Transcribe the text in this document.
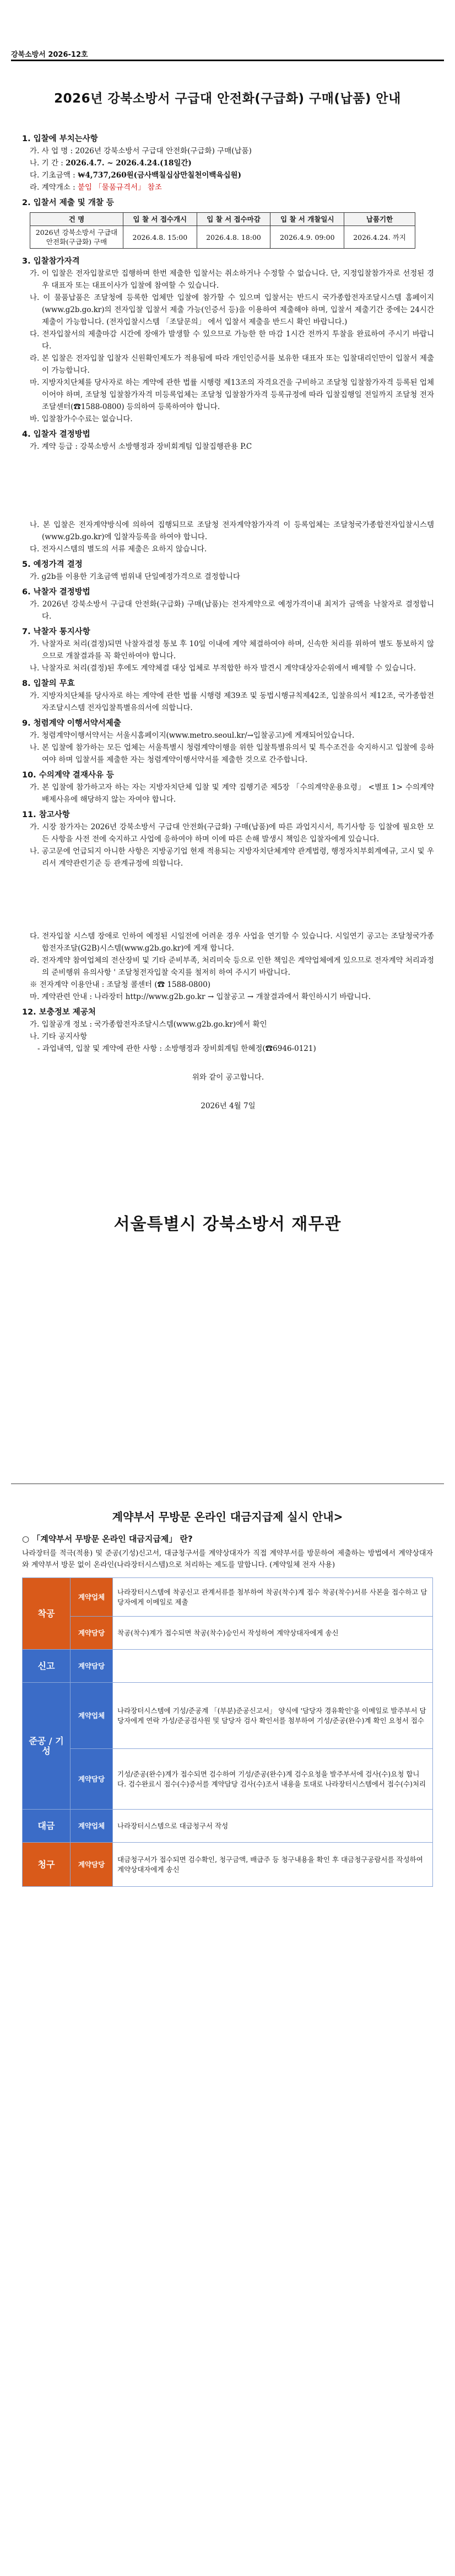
강북소방서 2026-12호
2026년 강북소방서 구급대 안전화(구급화) 구매(납품) 안내
1. 입찰에 부치는사항
가. 사 업 명 : 2026년 강북소방서 구급대 안전화(구급화) 구매(납품)
나. 기 간 : 2026.4.7. ~ 2026.4.24.(18일간)
다. 기초금액 : ₩4,737,260원(금사백칠십삼만칠천이백육십원)
라. 계약개소 : 붙임 「물품규격서」 참조
2. 입찰서 제출 및 개찰 등
건 명	입 찰 서 접수개시	입 찰 서 접수마감	입 찰 서 개찰일시	납품기한
2026년 강북소방서 구급대 안전화(구급화) 구매	2026.4.8. 15:00	2026.4.8. 18:00	2026.4.9. 09:00	2026.4.24. 까지
3. 입찰참가자격
가. 이 입찰은 전자입찰로만 집행하며 한번 제출한 입찰서는 취소하거나 수정할 수 없습니다. 단, 지정입찰참가자로 선정된 경우 대표자 또는 대표이사가 입찰에 참여할 수 있습니다.
나. 이 물품납품은 조달청에 등록한 업체만 입찰에 참가할 수 있으며 입찰서는 반드시 국가종합전자조달시스템 홈페이지(www.g2b.go.kr)의 전자입찰 입찰서 제출 가능(인증서 등)을 이용하여 제출해야 하며, 입찰서 제출기간 중에는 24시간 제출이 가능합니다. (전자입찰시스템 「조달문의」 에서 입찰서 제출을 반드시 확인 바랍니다.)
다. 전자입찰서의 제출마감 시간에 장애가 발생할 수 있으므로 가능한 한 마감 1시간 전까지 투찰을 완료하여 주시기 바랍니다.
라. 본 입찰은 전자입찰 입찰자 신원확인제도가 적용됨에 따라 개인인증서를 보유한 대표자 또는 입찰대리인만이 입찰서 제출이 가능합니다.
마. 지방자치단체를 당사자로 하는 계약에 관한 법률 시행령 제13조의 자격요건을 구비하고 조달청 입찰참가자격 등록된 업체이어야 하며, 조달청 입찰참가자격 미등록업체는 조달청 입찰참가자격 등록규정에 따라 입찰집행일 전일까지 조달청 전자조달센터(☎1588-0800) 등의하여 등록하여야 합니다.
바. 입찰참가수수료는 없습니다.
4. 입찰자 결정방법
가. 계약 등급 : 강북소방서 소방행정과 장비회계팀 입찰집행관용 P.C
나. 본 입찰은 전자계약방식에 의하여 집행되므로 조달청 전자계약참가자격 이 등록업체는 조달청국가종합전자입찰시스템(www.g2b.go.kr)에 입찰자등록을 하여야 합니다.
다. 전자시스템의 별도의 서류 제출은 요하지 않습니다.
5. 예정가격 결정
가. g2b를 이용한 기초금액 범위내 단일예정가격으로 결정합니다
6. 낙찰자 결정방법
가. 2026년 강북소방서 구급대 안전화(구급화) 구매(납품)는 전자계약으로 예정가격이내 최저가 금액을 낙찰자로 결정합니다.
7. 낙찰자 통지사항
가. 낙찰자로 처리(결정)되면 낙찰자결정 통보 후 10일 이내에 계약 체결하여야 하며, 신속한 처리를 위하여 별도 통보하지 않으므로 개찰결과를 꼭 확인하여야 합니다.
나. 낙찰자로 처리(결정)된 후에도 계약체결 대상 업체로 부적합한 하자 발견시 계약대상자순위에서 배제할 수 있습니다.
8. 입찰의 무효
가. 지방자치단체를 당사자로 하는 계약에 관한 법률 시행령 제39조 및 동법시행규칙제42조, 입찰유의서 제12조, 국가종합전자조달시스템 전자입찰특별유의서에 의합니다.
9. 청렴계약 이행서약서제출
가. 청렴계약이행서약서는 서울시홈페이지(www.metro.seoul.kr/→입찰공고)에 게재되어있습니다.
나. 본 입찰에 참가하는 모든 업체는 서울특별시 청렴계약이행을 위한 입찰특별유의서 및 특수조건을 숙지하시고 입찰에 응하여야 하며 입찰서를 제출한 자는 청렴계약이행서약서를 제출한 것으로 간주합니다.
10. 수의계약 결재사유 등
가. 본 입찰에 참가하고자 하는 자는 지방자치단체 입찰 및 계약 집행기준 제5장 「수의계약운용요령」 <별표 1> 수의계약 배제사유에 해당하지 않는 자여야 합니다.
11. 참고사항
가. 시장 참가자는 2026년 강북소방서 구급대 안전화(구급화) 구매(납품)에 따른 과업지시서, 특기사항 등 입찰에 필요한 모든 사항을 사전 전에 숙지하고 사업에 응하여야 하며 이에 따른 손해 발생시 책임은 입찰자에게 있습니다.
나. 공고문에 언급되지 아니한 사항은 지방공기업 현재 적용되는 지방자치단체계약 관계법령, 행정자치부회계예규, 고시 및 우리서 계약관련기준 등 관계규정에 의합니다.
다. 전자입찰 시스템 장애로 인하여 예정된 시일전에 어려운 경우 사업을 연기할 수 있습니다. 시일연기 공고는 조달청국가종합전자조달(G2B)시스템(www.g2b.go.kr)에 게재 합니다.
라. 전자계약 참여업체의 전산장비 및 기타 준비부족, 처리미숙 등으로 인한 책임은 계약업체에게 있으므로 전자계약 처리과정의 준비행위 유의사항 ' 조달청전자입찰 숙지를 철저히 하여 주시기 바랍니다.
※ 전자계약 이용안내 : 조달청 콜센터 (☎ 1588-0800)
마. 계약관련 안내 : 나라장터 http://www.g2b.go.kr → 입찰공고 → 개찰결과에서 확인하시기 바랍니다.
12. 보충정보 제공처
가. 입찰공개 정보 : 국가종합전자조달시스템(www.g2b.go.kr)에서 확인
나. 기타 공지사항
- 과업내역, 입찰 및 계약에 관한 사항 : 소방행정과 장비회계팀 한혜정(☎6946-0121)
위와 같이 공고합니다.
2026년 4월 7일
서울특별시 강북소방서 재무관
계약부서 무방문 온라인 대금지급제 실시 안내>
○ 「계약부서 무방문 온라인 대금지급제」 란?
나라장터를 적극(적용) 및 준공(기성)신고서, 대금청구서를 계약상대자가 직접 계약부서를 방문하여 제출하는 방법에서 계약상대자와 계약부서 방문 없이 온라인(나라장터시스템)으로 처리하는 제도를 말합니다. (계약일체 전자 사용)
착공	계약업체	나라장터시스템에 착공신고 관계서류를 첨부하여 착공(착수)계 접수 착공(착수)서류 사본을 접수하고 담당자에게 이메일로 제출
	계약담당	착공(착수)계가 접수되면 착공(착수)승인서 작성하여 계약상대자에게 송신
신고	계약담당	
준공 / 기성	계약업체	나라장터시스템에 기성/준공계 「(부분)준공신고서」 양식에 '담당자 경유확인'을 이메일로 발주부서 담당자에게 연락 가성/준공검사원 및 담당자 검사 확인서를 첨부하여 기성/준공(완수)계 확인 요청서 접수
	계약담당	기성/준공(완수)계가 접수되면 검수하여 기성/준공(완수)계 검수요청을 발주부서에 검사(수)요청 합니다. 검수완료시 접수(수)증서를 계약담당 검사(수)조서 내용을 토대로 나라장터시스템에서 접수(수)처리
대금	계약업체	나라장터시스템으로 대금청구서 작성
청구	계약담당	대금청구서가 접수되면 검수확인, 청구금액, 배급주 등 청구내용을 확인 후 대금청구공람서를 작성하여 계약상대자에게 송신
